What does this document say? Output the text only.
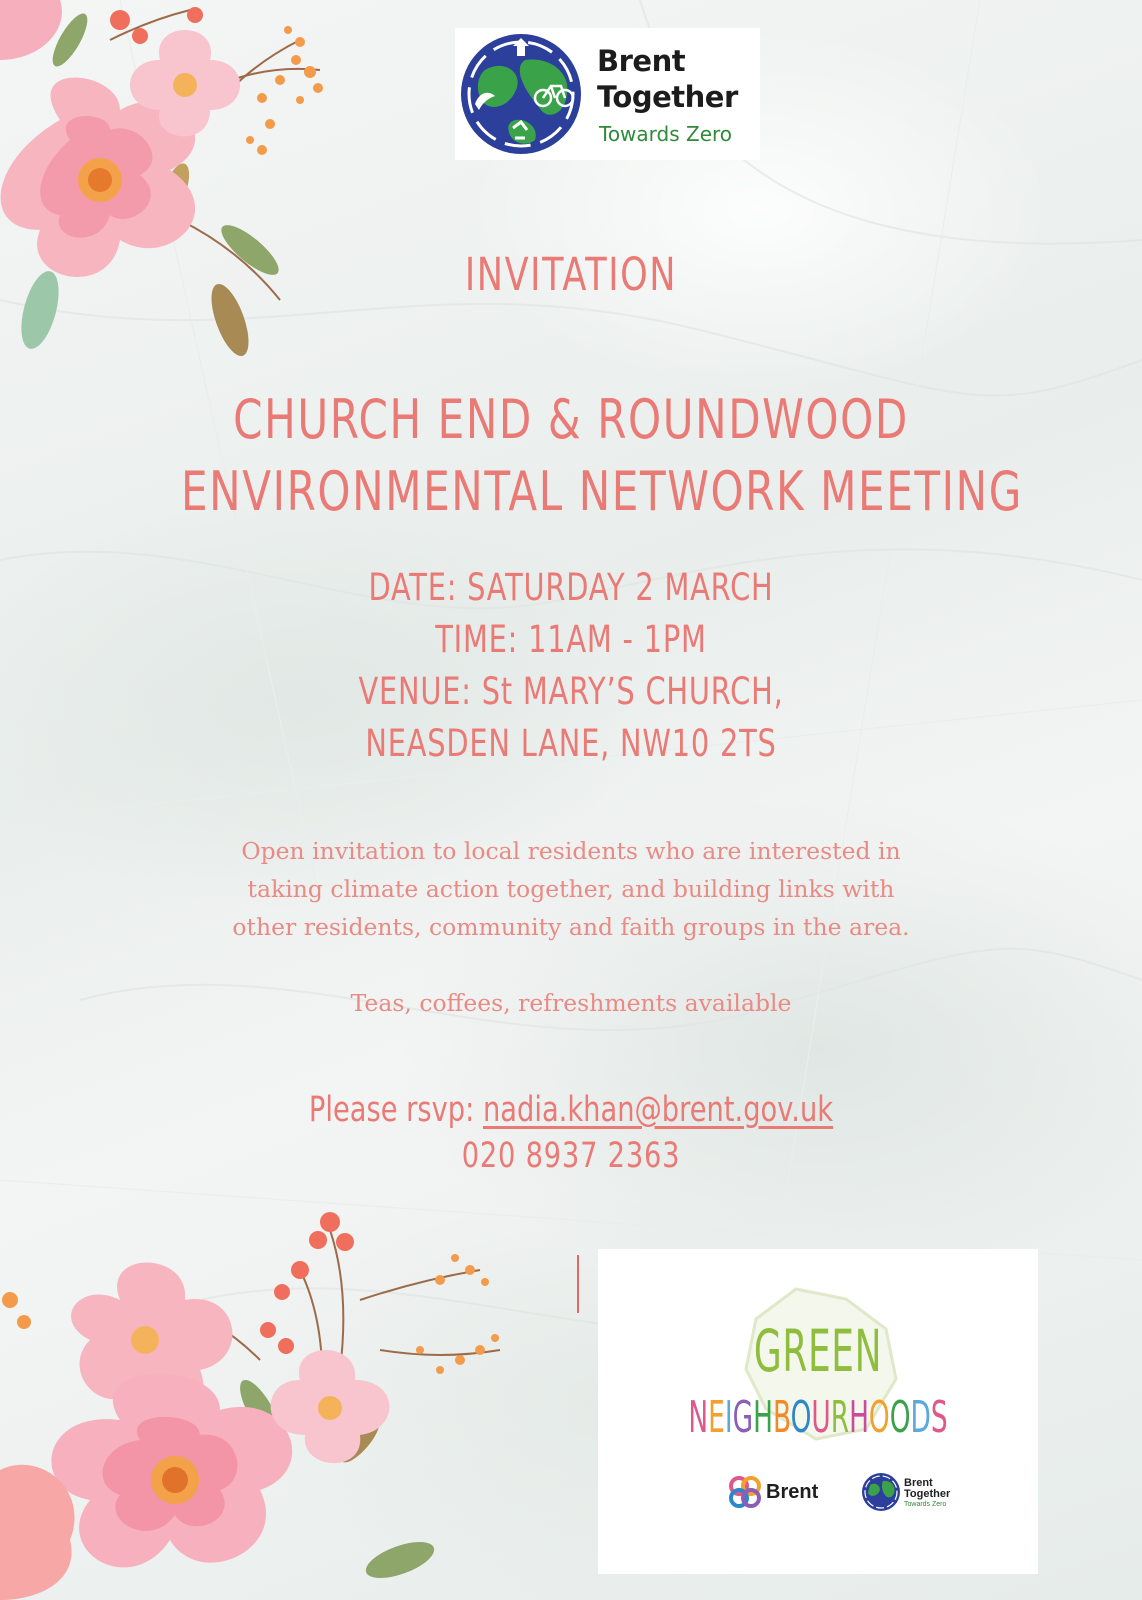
Brent
Together
Towards Zero
INVITATION
CHURCH END & ROUNDWOOD
ENVIRONMENTAL NETWORK MEETING
DATE: SATURDAY 2 MARCH
TIME: 11AM - 1PM
VENUE: St MARY’S CHURCH,
NEASDEN LANE, NW10 2TS
Open invitation to local residents who are interested in
taking climate action together, and building links with
other residents, community and faith groups in the area.
Teas, coffees, refreshments available
Please rsvp: nadia.khan@brent.gov.uk
020 8937 2363
GREEN
NEIGHBOURHOODS
Brent	Brent
Together
Towards Zero
